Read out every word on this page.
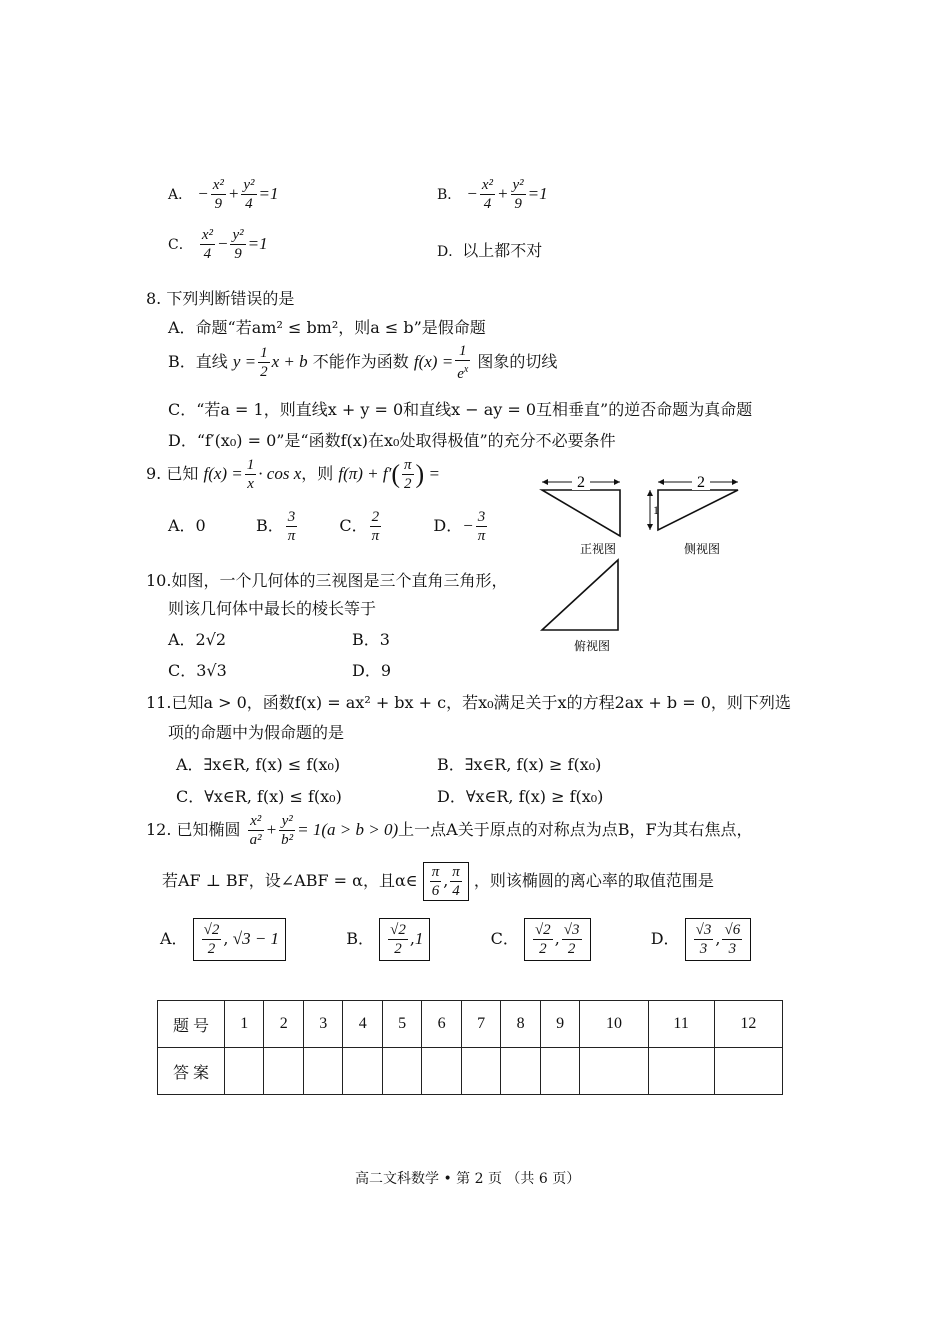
A． − $\frac{\text{x²}}{9} + \frac{\text{y²}}{4} =1$	B． − $\frac{\text{x²}}{4} + \frac{\text{y²}}{9} =1$
C． $\frac{\text{x²}}{4} - \frac{\text{y²}}{9} =1$	D．以上都不对
8. 下列判断错误的是
A．命题“若am² ≤ bm²，则a ≤ b”是假命题
B．直线 $y = \frac{1}{2}$ x + b 不能作为函数 $f(x) = \frac{1}{e^x}$ 图象的切线
C．“若a = 1，则直线x + y = 0和直线x − ay = 0互相垂直”的逆否命题为真命题
D．“f′(x₀) = 0”是“函数f(x)在x₀处取得极值”的充分不必要条件
9. 已知 $f(x) = \frac{1}{x} \cdot \cos x$，则 $f(\pi) + f'( \frac{\pi}{2}$ ) =
A．0	B． $\frac{3}{\pi}$	C． $\frac{2}{\pi}$	D．− $\frac{3}{\pi}$
2
正视图
2
1
侧视图
俯视图
10.如图，一个几何体的三视图是三个直角三角形，
则该几何体中最长的棱长等于
A．2√2	B．3
C．3√3	D．9
11.已知a > 0，函数f(x) = ax² + bx + c，若x₀满足关于x的方程2ax + b = 0，则下列选
项的命题中为假命题的是
A．∃x∈R, f(x) ≤ f(x₀)	B．∃x∈R, f(x) ≥ f(x₀)
C．∀x∈R, f(x) ≤ f(x₀)	D．∀x∈R, f(x) ≥ f(x₀)
12. 已知椭圆 $\frac{\text{x²}}{\text{a²}} + \frac{\text{y²}}{\text{b²}} = 1(a > b > 0)$上一点A关于原点的对称点为点B，F为其右焦点，
若AF ⊥ BF，设∠ABF = α，且α∈ $\frac{\pi}{6}$ , $\frac{\pi}{4}$ ，则该椭圆的离心率的取值范围是
A． $\frac{√2}{2}$ , √3 − 1	B． $\frac{√2}{2} ,1$	C． $\frac{√2}{2}$ , $\frac{√3}{2}$	D． $\frac{√3}{3}$ , $\frac{√6}{3}$
题 号	1	2	3	4	5	6	7	8	9	10	11	12
答 案												
高二文科数学 • 第 2 页 （共 6 页）
